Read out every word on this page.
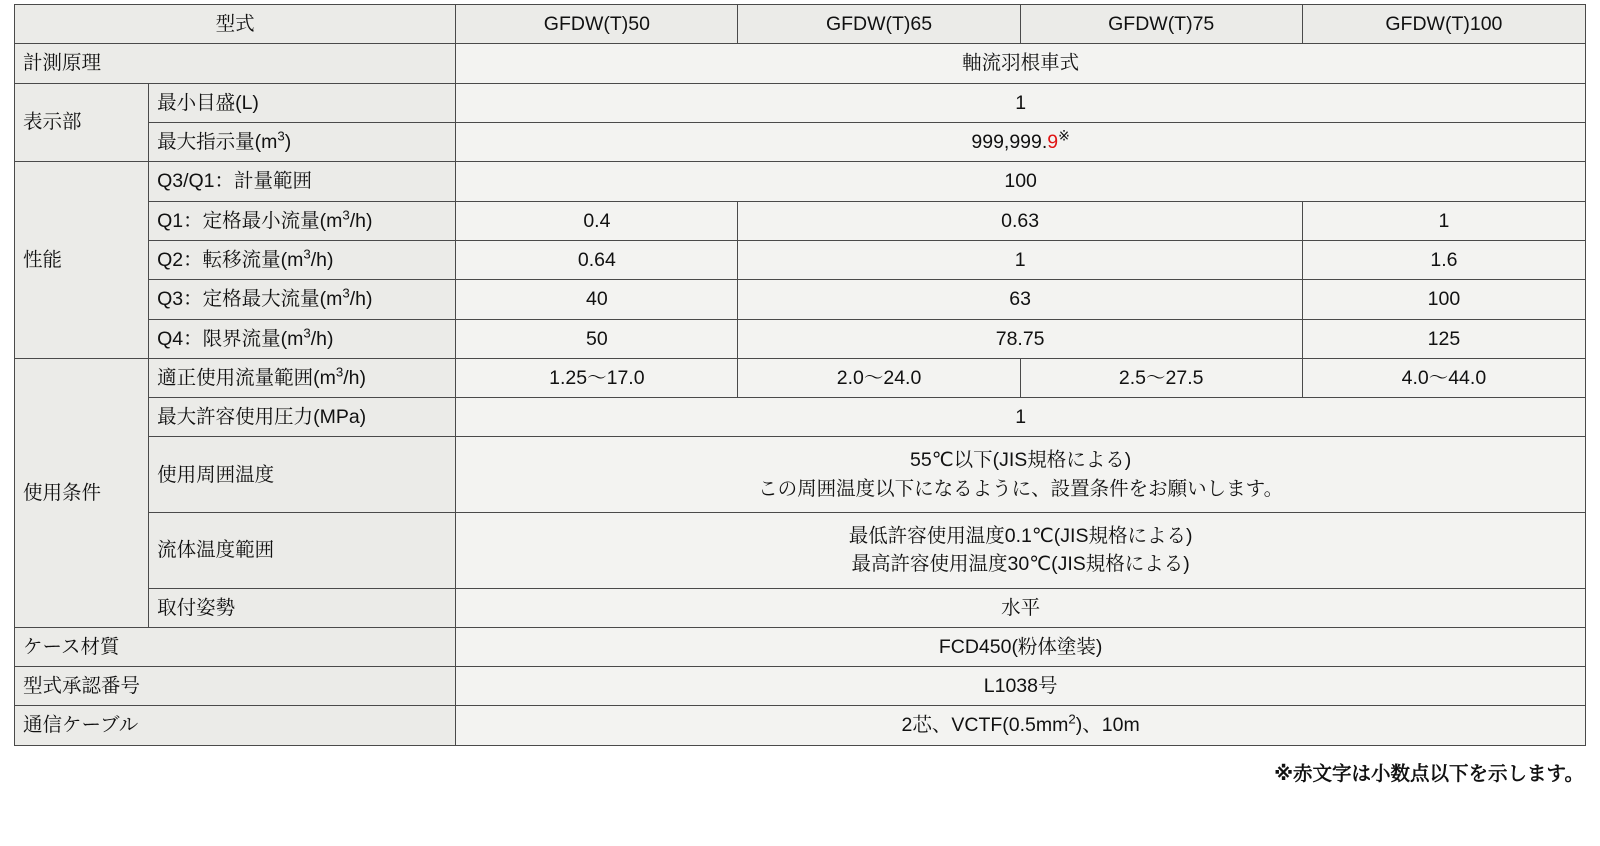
型式		GFDW(T)50	GFDW(T)65	GFDW(T)75	GFDW(T)100
計測原理		軸流羽根車式			
表示部	最小目盛(L)	1			
	最大指示量$(m^3)$	999,999.9※
性能	Q3/Q1：計量範囲	100			
	Q1：定格最小流量$(m^3/h)$	0.4	0.63		1
	Q2：転移流量$(m^3/h)$	0.64	1		1.6
	Q3：定格最大流量$(m^3/h)$	40	63		100
	Q4：限界流量$(m^3/h)$	50	78.75		125
使用条件	適正使用流量範囲$(m^3/h)$	1.25〜17.0	2.0〜24.0	2.5〜27.5	4.0〜44.0
	最大許容使用圧力(MPa)	1			
	使用周囲温度	55℃以下(JIS規格による)
この周囲温度以下になるように、設置条件をお願いします。			

	流体温度範囲	最低許容使用温度0.1℃(JIS規格による)
最高許容使用温度30℃(JIS規格による)			

	取付姿勢	水平			
ケース材質		FCD450(粉体塗装)			
型式承認番号		L1038号			
通信ケーブル		2芯、$VCTF(0.5mm^2)$、10m			
※赤文字は小数点以下を示します。
